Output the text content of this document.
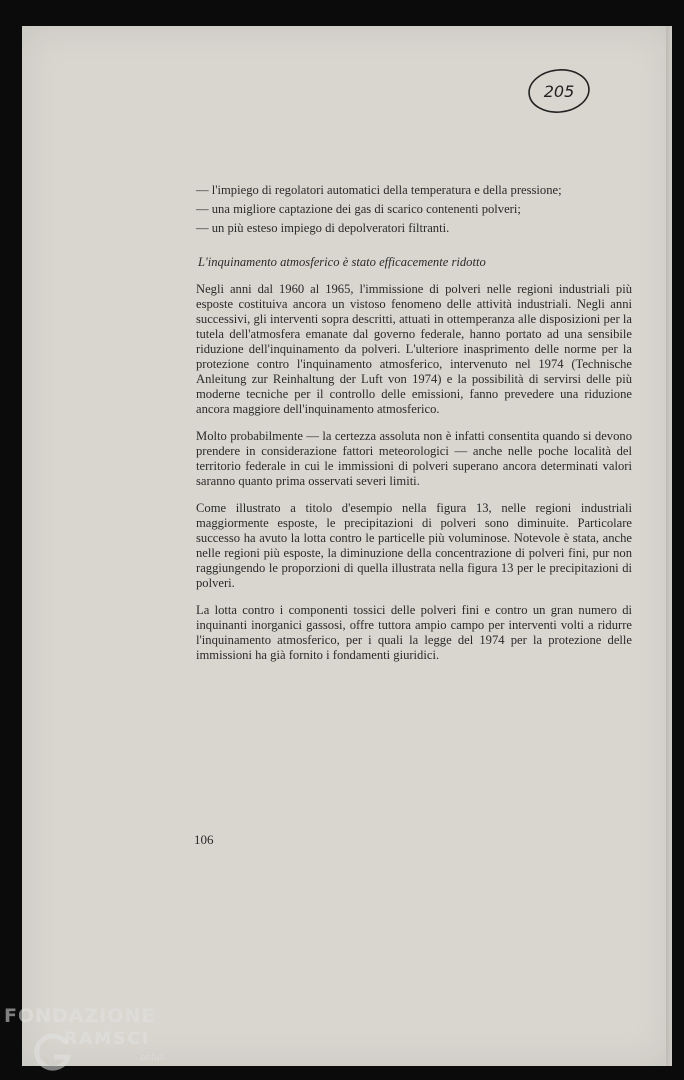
205
— l'impiego di regolatori automatici della temperatura e della pressione;
— una migliore captazione dei gas di scarico contenenti polveri;
— un più esteso impiego di depolveratori filtranti.
L'inquinamento atmosferico è stato efficacemente ridotto

Negli anni dal 1960 al 1965, l'immissione di polveri nelle regioni industriali più esposte costituiva ancora un vistoso fenomeno delle attività industriali. Negli anni successivi, gli interventi sopra descritti, attuati in ottemperanza alle disposizioni per la tutela dell'atmosfera emanate dal governo federale, hanno portato ad una sensibile riduzione dell'inquinamento da polveri. L'ulteriore inasprimento delle norme per la protezione contro l'inquinamento atmosferico, intervenuto nel 1974 (Technische Anleitung zur Reinhaltung der Luft von 1974) e la possibilità di servirsi delle più moderne tecniche per il controllo delle emissioni, fanno prevedere una riduzione ancora maggiore dell'inquinamento atmosferico.

Molto probabilmente — la certezza assoluta non è infatti consentita quando si devono prendere in considerazione fattori meteorologici — anche nelle poche località del territorio federale in cui le immissioni di polveri superano ancora determinati valori saranno quanto prima osservati severi limiti.

Come illustrato a titolo d'esempio nella figura 13, nelle regioni industriali maggiormente esposte, le precipitazioni di polveri sono diminuite. Particolare successo ha avuto la lotta contro le particelle più voluminose. Notevole è stata, anche nelle regioni più esposte, la diminuzione della concentrazione di polveri fini, pur non raggiungendo le proporzioni di quella illustrata nella figura 13 per le precipitazioni di polveri.

La lotta contro i componenti tossici delle polveri fini e contro un gran numero di inquinanti inorganici gassosi, offre tuttora ampio campo per interventi volti a ridurre l'inquinamento atmosferico, per i quali la legge del 1974 per la protezione delle immissioni ha già fornito i fondamenti giuridici.

106
FONDAZIONE
RAMSCI
onlus
